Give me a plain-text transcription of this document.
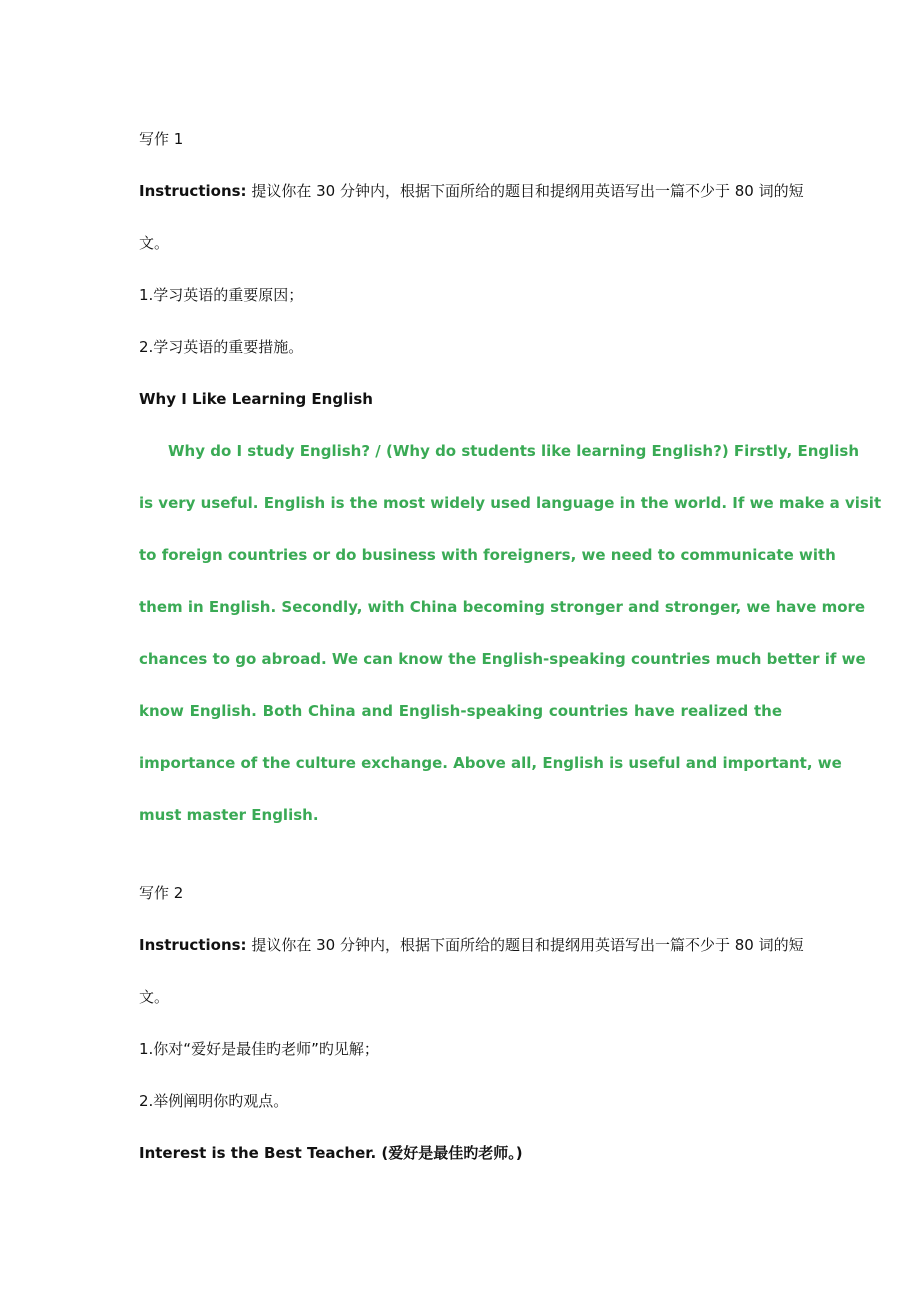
写作 1
Instructions: 提议你在 30 分钟内，根据下面所给的题目和提纲用英语写出一篇不少于 80 词的短
文。
1.学习英语的重要原因；
2.学习英语的重要措施。
Why I Like Learning English
Why do I study English? / (Why do students like learning English?) Firstly, English
is very useful. English is the most widely used language in the world. If we make a visit
to foreign countries or do business with foreigners, we need to communicate with
them in English. Secondly, with China becoming stronger and stronger, we have more
chances to go abroad. We can know the English-speaking countries much better if we
know English. Both China and English-speaking countries have realized the
importance of the culture exchange. Above all, English is useful and important, we
must master English.
写作 2
Instructions: 提议你在 30 分钟内，根据下面所给的题目和提纲用英语写出一篇不少于 80 词的短
文。
1.你对“爱好是最佳旳老师”旳见解；
2.举例阐明你旳观点。
Interest is the Best Teacher. (爱好是最佳旳老师。)
